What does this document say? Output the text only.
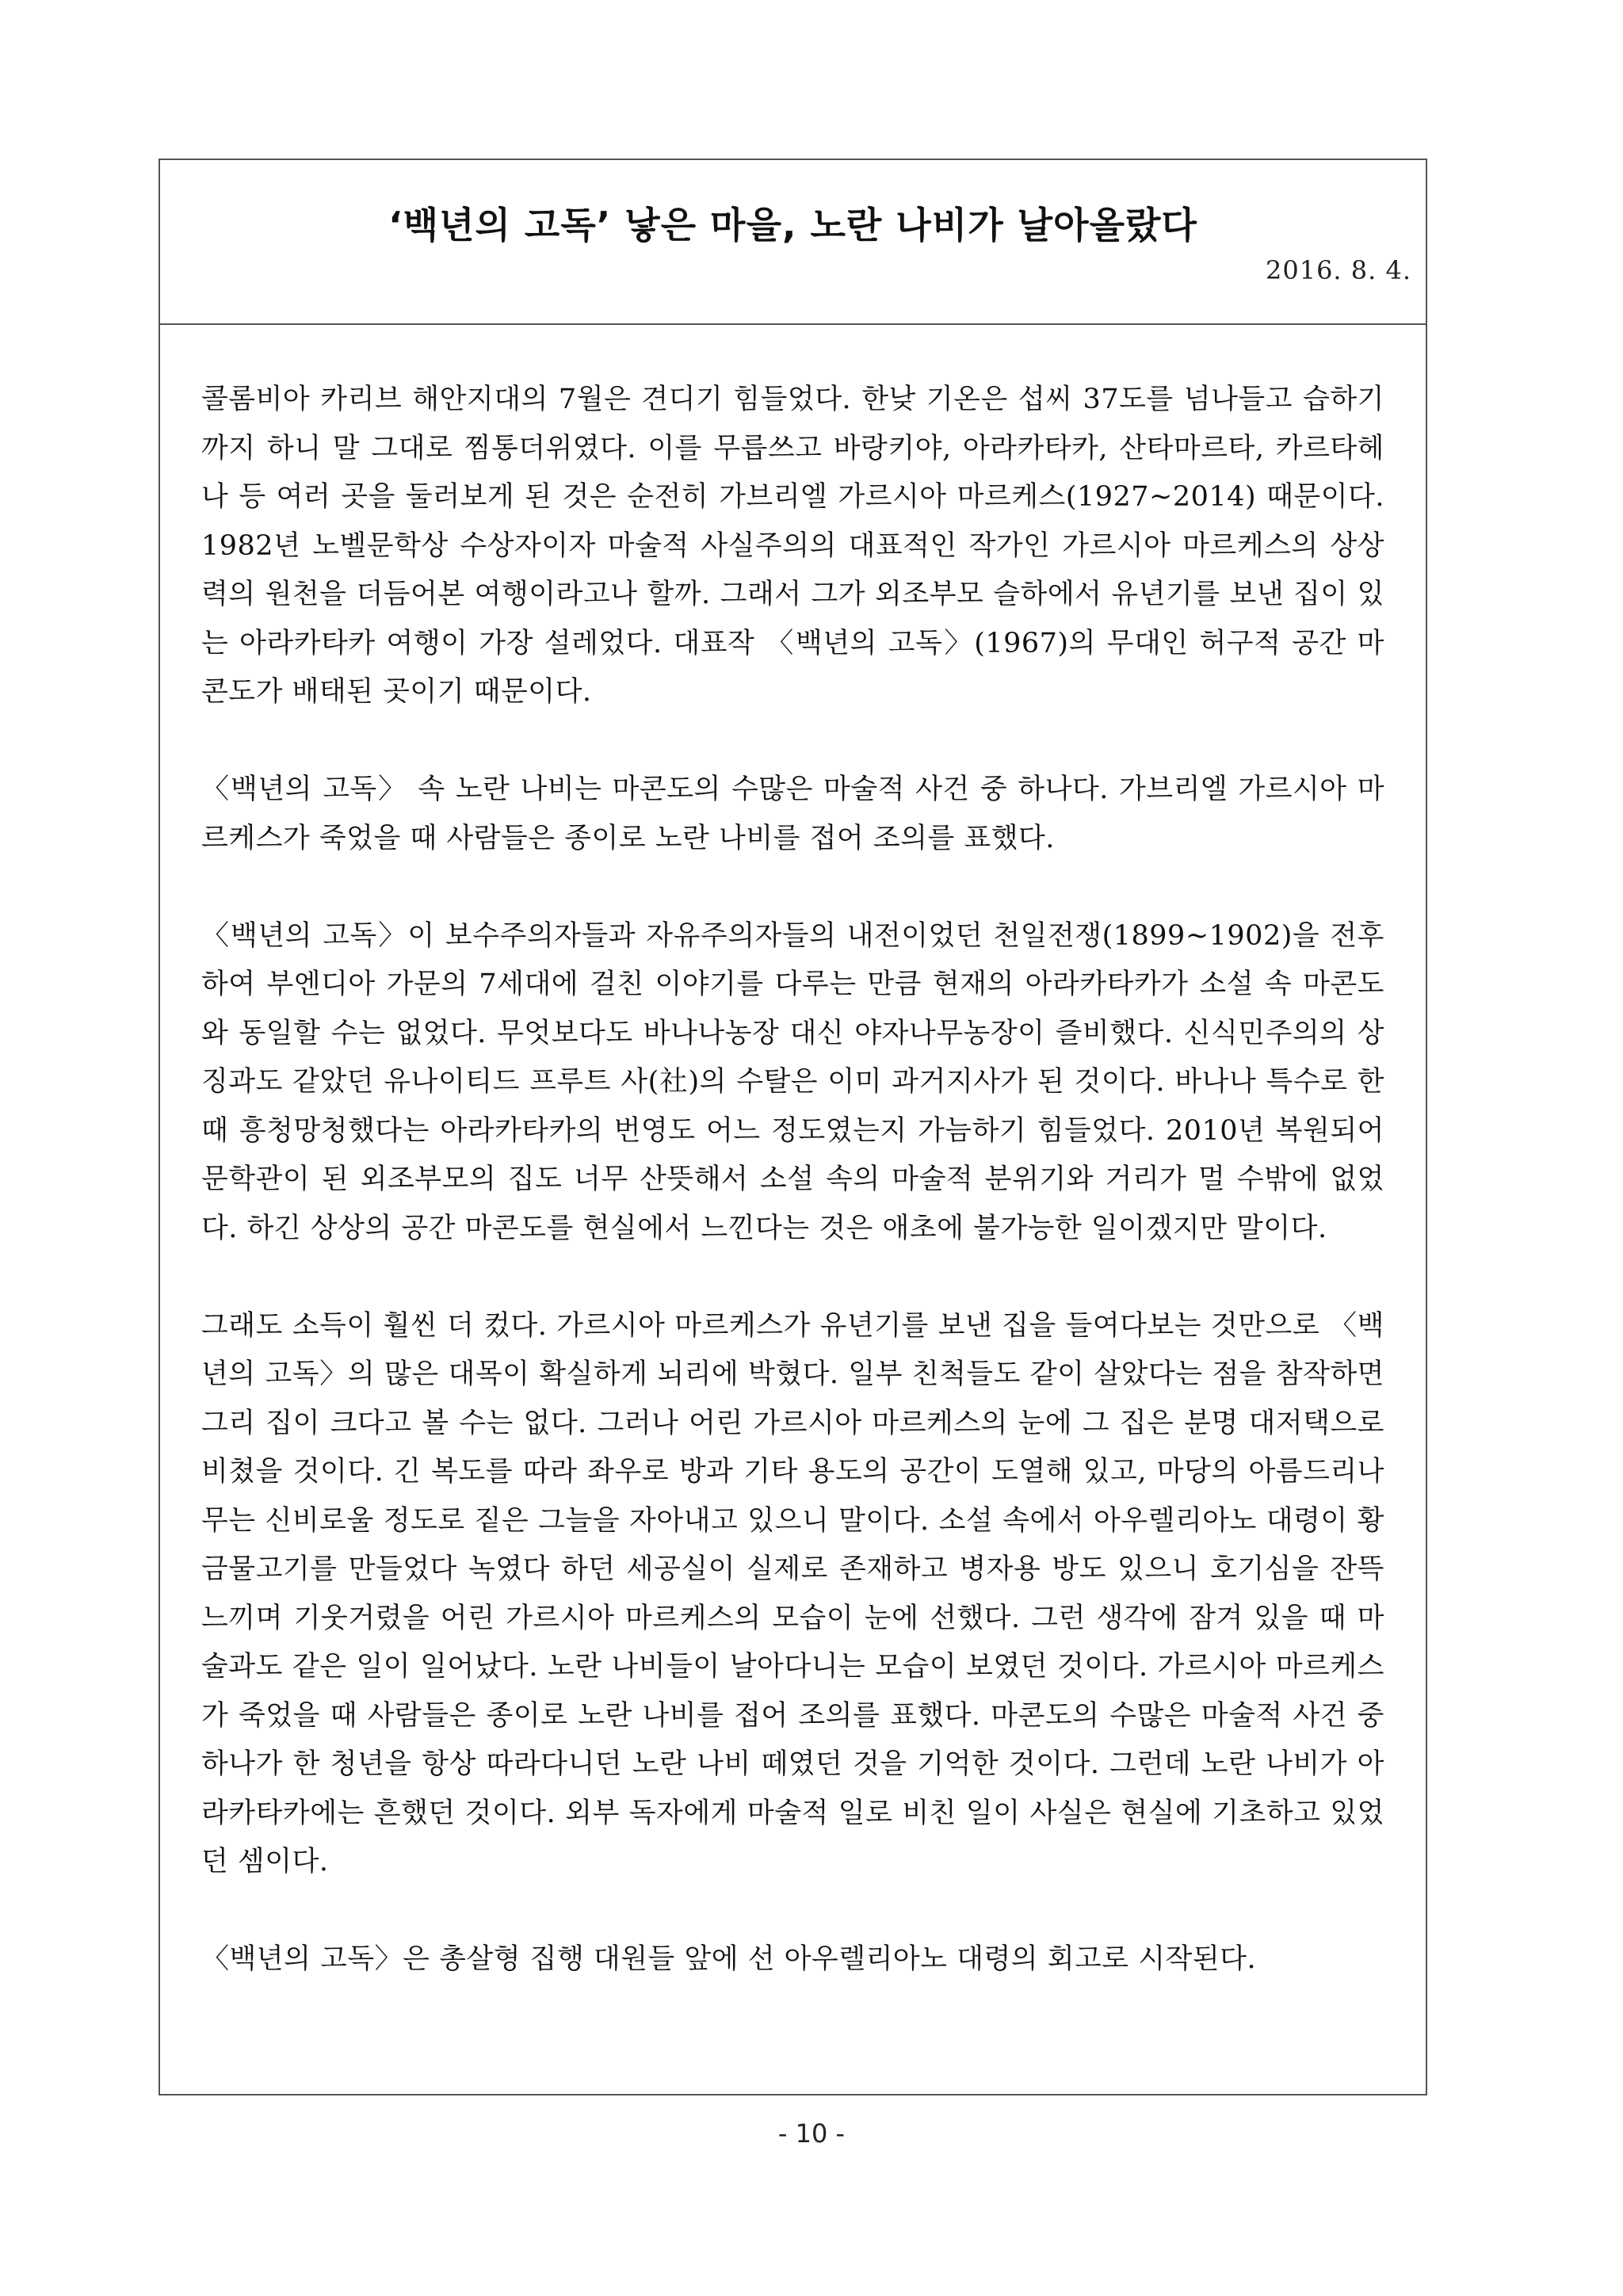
‘백년의 고독’ 낳은 마을, 노란 나비가 날아올랐다
2016. 8. 4.

콜롬비아 카리브 해안지대의 7월은 견디기 힘들었다. 한낮 기온은 섭씨 37도를 넘나들고 습하기까지 하니 말 그대로 찜통더위였다. 이를 무릅쓰고 바랑키야, 아라카타카, 산타마르타, 카르타헤나 등 여러 곳을 둘러보게 된 것은 순전히 가브리엘 가르시아 마르케스(1927~2014) 때문이다. 1982년 노벨문학상 수상자이자 마술적 사실주의의 대표적인 작가인 가르시아 마르케스의 상상력의 원천을 더듬어본 여행이라고나 할까. 그래서 그가 외조부모 슬하에서 유년기를 보낸 집이 있는 아라카타카 여행이 가장 설레었다. 대표작 〈백년의 고독〉(1967)의 무대인 허구적 공간 마콘도가 배태된 곳이기 때문이다.

〈백년의 고독〉 속 노란 나비는 마콘도의 수많은 마술적 사건 중 하나다. 가브리엘 가르시아 마르케스가 죽었을 때 사람들은 종이로 노란 나비를 접어 조의를 표했다.

〈백년의 고독〉이 보수주의자들과 자유주의자들의 내전이었던 천일전쟁(1899~1902)을 전후하여 부엔디아 가문의 7세대에 걸친 이야기를 다루는 만큼 현재의 아라카타카가 소설 속 마콘도와 동일할 수는 없었다. 무엇보다도 바나나농장 대신 야자나무농장이 즐비했다. 신식민주의의 상징과도 같았던 유나이티드 프루트 사(社)의 수탈은 이미 과거지사가 된 것이다. 바나나 특수로 한때 흥청망청했다는 아라카타카의 번영도 어느 정도였는지 가늠하기 힘들었다. 2010년 복원되어 문학관이 된 외조부모의 집도 너무 산뜻해서 소설 속의 마술적 분위기와 거리가 멀 수밖에 없었다. 하긴 상상의 공간 마콘도를 현실에서 느낀다는 것은 애초에 불가능한 일이겠지만 말이다.

그래도 소득이 훨씬 더 컸다. 가르시아 마르케스가 유년기를 보낸 집을 들여다보는 것만으로 〈백년의 고독〉의 많은 대목이 확실하게 뇌리에 박혔다. 일부 친척들도 같이 살았다는 점을 참작하면 그리 집이 크다고 볼 수는 없다. 그러나 어린 가르시아 마르케스의 눈에 그 집은 분명 대저택으로 비쳤을 것이다. 긴 복도를 따라 좌우로 방과 기타 용도의 공간이 도열해 있고, 마당의 아름드리나무는 신비로울 정도로 짙은 그늘을 자아내고 있으니 말이다. 소설 속에서 아우렐리아노 대령이 황금물고기를 만들었다 녹였다 하던 세공실이 실제로 존재하고 병자용 방도 있으니 호기심을 잔뜩 느끼며 기웃거렸을 어린 가르시아 마르케스의 모습이 눈에 선했다. 그런 생각에 잠겨 있을 때 마술과도 같은 일이 일어났다. 노란 나비들이 날아다니는 모습이 보였던 것이다. 가르시아 마르케스가 죽었을 때 사람들은 종이로 노란 나비를 접어 조의를 표했다. 마콘도의 수많은 마술적 사건 중 하나가 한 청년을 항상 따라다니던 노란 나비 떼였던 것을 기억한 것이다. 그런데 노란 나비가 아라카타카에는 흔했던 것이다. 외부 독자에게 마술적 일로 비친 일이 사실은 현실에 기초하고 있었던 셈이다.

〈백년의 고독〉은 총살형 집행 대원들 앞에 선 아우렐리아노 대령의 회고로 시작된다.

- 10 -
